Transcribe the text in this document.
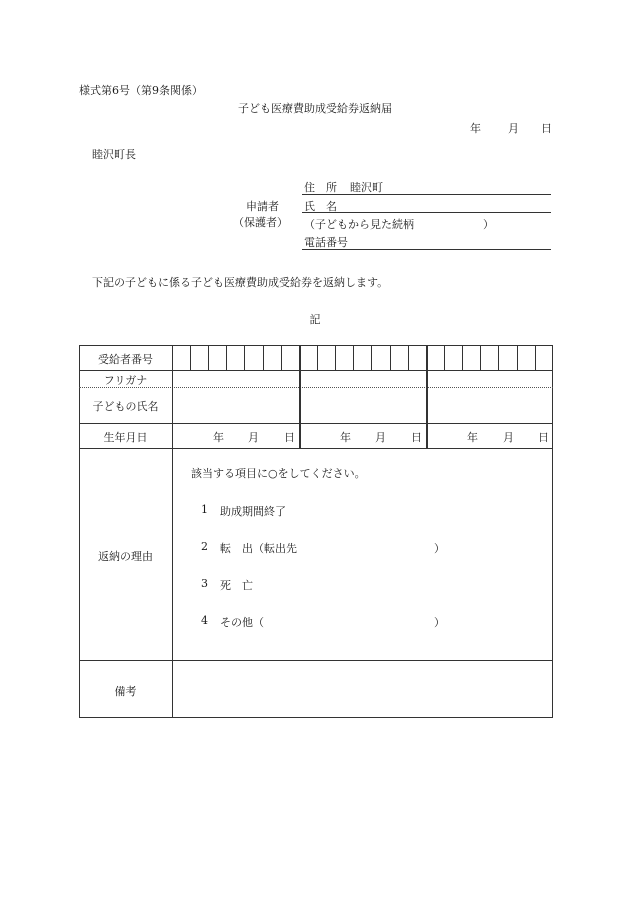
様式第6号（第9条関係）
子ども医療費助成受給券返納届
年 月 日
睦沢町長
申請者
（保護者）
住　所 睦沢町
氏　名
（子どもから見た続柄	）
電話番号
下記の子どもに係る子ども医療費助成受給券を返納します。
記
受給者番号
フリガナ
子どもの氏名
生年月日	年 月 日	年 月 日	年 月 日
返納の理由
該当する項目に○をしてください。
1 助成期間終了
2 転　出（転出先	）
3 死　亡
4 その他（	）
備考
